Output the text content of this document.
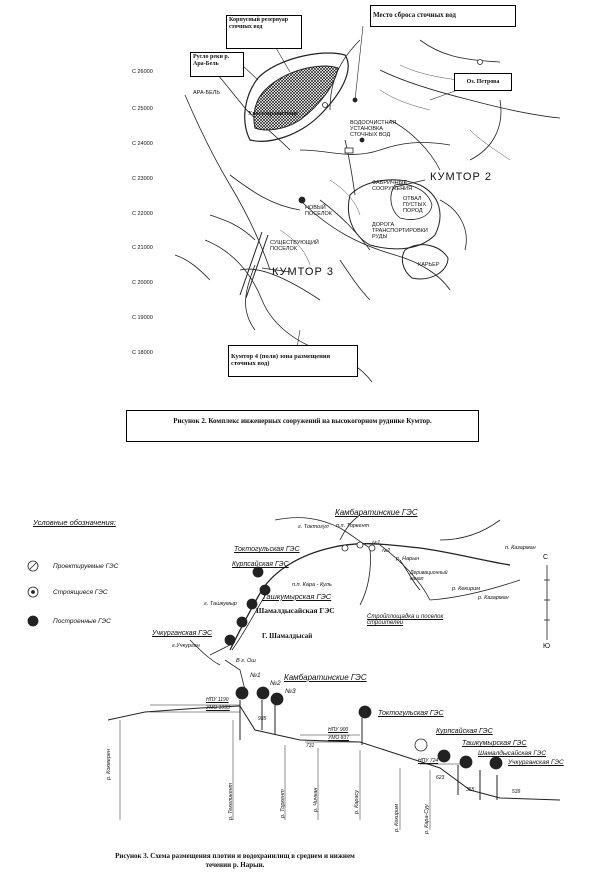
C 26000
C 25000
C 24000
C 23000
C 22000
C 21000
C 20000
C 19000
C 18000
Место сброса сточных вод
Корпусный резервуар сточных вод
Русло реки р. Ара-Бель
Оз. Петрова
Хвостохранилище
Кумтор 4 (поля) зона размещения сточных вод)
АРА-БЕЛЬ
ВОДООЧИСТНАЯ УСТАНОВКА СТОЧНЫХ ВОД
ФАБРИЧНЫЕ СООРУЖЕНИЯ
ОТВАЛ ПУСТЫХ ПОРОД
ДОРОГА ТРАНСПОРТИРОВКИ РУДЫ
НОВЫЙ ПОСЕЛОК
СУЩЕСТВУЮЩИЙ ПОСЕЛОК
КАРЬЕР
КУМТОР 2
КУМТОР 3
Рисунок 2. Комплекс инженерных сооружений на высокогорном руднике Кумтор.
Условные обозначения:
Проектируемые ГЭС
Строящиеся ГЭС
Построенные ГЭС
Камбаратинские ГЭС
г. Токтогул п.п. Торкент
Токтогульская ГЭС
Курпсайская ГЭС
п.п. Кара - Куль
Ташкумырская ГЭС
г. Ташкумыр
Шамалдысайская ГЭС
Учкурганская ГЭС
г.Учкурган
Г. Шамалдысай
В г. Ош
Стройплощадка и поселок строителей
р. Кекирим
р. Казарман
п. Казарман
р. Нарын
Деривационный канал
№1
№2
С
Ю
Камбаратинские ГЭС
№1
№2
№3
Токтогульская ГЭС
Курпсайская ГЭС
Ташкумырская ГЭС
Шамалдысайская ГЭС
Учкурганская ГЭС
НПУ 1190
УМО 1093
НПУ 900
УМО 837
НПУ 724
935
731
623
355	539
р. Кокмерен
р. Текеликент	р. Торкент	р. Чичкан	р. Карасу
р. Кекирим	р. Кара-Суу
Рисунок 3. Схема размещения плотин и водохранилищ в среднем и нижнем течении р. Нарын.
